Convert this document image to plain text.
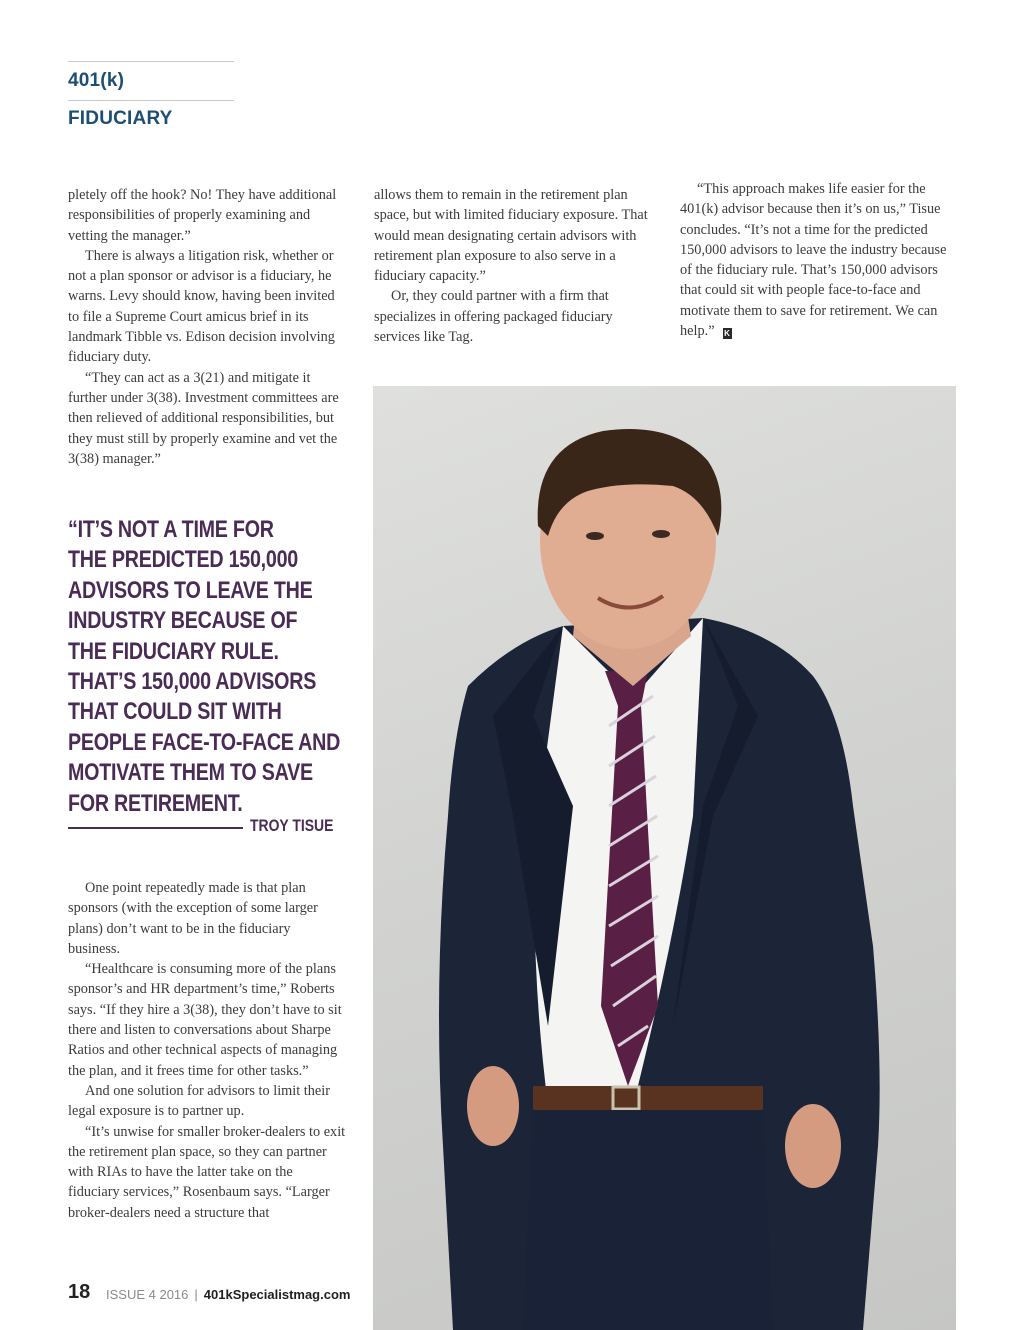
401(k) FIDUCIARY

pletely off the hook? No! They have additional responsibilities of properly examining and vetting the manager.”

There is always a litigation risk, whether or not a plan sponsor or advisor is a fiduciary, he warns. Levy should know, having been invited to file a Supreme Court amicus brief in its landmark Tibble vs. Edison decision involving fiduciary duty.

“They can act as a 3(21) and mitigate it further under 3(38). Investment committees are then relieved of additional responsibilities, but they must still by properly examine and vet the 3(38) manager.”

allows them to remain in the retirement plan space, but with limited fiduciary exposure. That would mean designating certain advisors with retirement plan exposure to also serve in a fiduciary capacity.”

Or, they could partner with a firm that specializes in offering packaged fiduciary services like Tag.

“This approach makes life easier for the 401(k) advisor because then it’s on us,” Tisue concludes. “It’s not a time for the predicted 150,000 advisors to leave the industry because of the fiduciary rule. That’s 150,000 advisors that could sit with people face-to-face and motivate them to save for retirement. We can help.” K

“IT’S NOT A TIME FOR
THE PREDICTED 150,000
ADVISORS TO LEAVE THE
INDUSTRY BECAUSE OF
THE FIDUCIARY RULE.
THAT’S 150,000 ADVISORS
THAT COULD SIT WITH
PEOPLE FACE-TO-FACE AND
MOTIVATE THEM TO SAVE
FOR RETIREMENT.
TROY TISUE

One point repeatedly made is that plan sponsors (with the exception of some larger plans) don’t want to be in the fiduciary business.

“Healthcare is consuming more of the plans sponsor’s and HR department’s time,” Roberts says. “If they hire a 3(38), they don’t have to sit there and listen to conversations about Sharpe Ratios and other technical aspects of managing the plan, and it frees time for other tasks.”

And one solution for advisors to limit their legal exposure is to partner up.

“It’s unwise for smaller broker-dealers to exit the retirement plan space, so they can partner with RIAs to have the latter take on the fiduciary services,” Rosenbaum says. “Larger broker-dealers need a structure that

18 ISSUE 4 2016 | 401kSpecialistmag.com
